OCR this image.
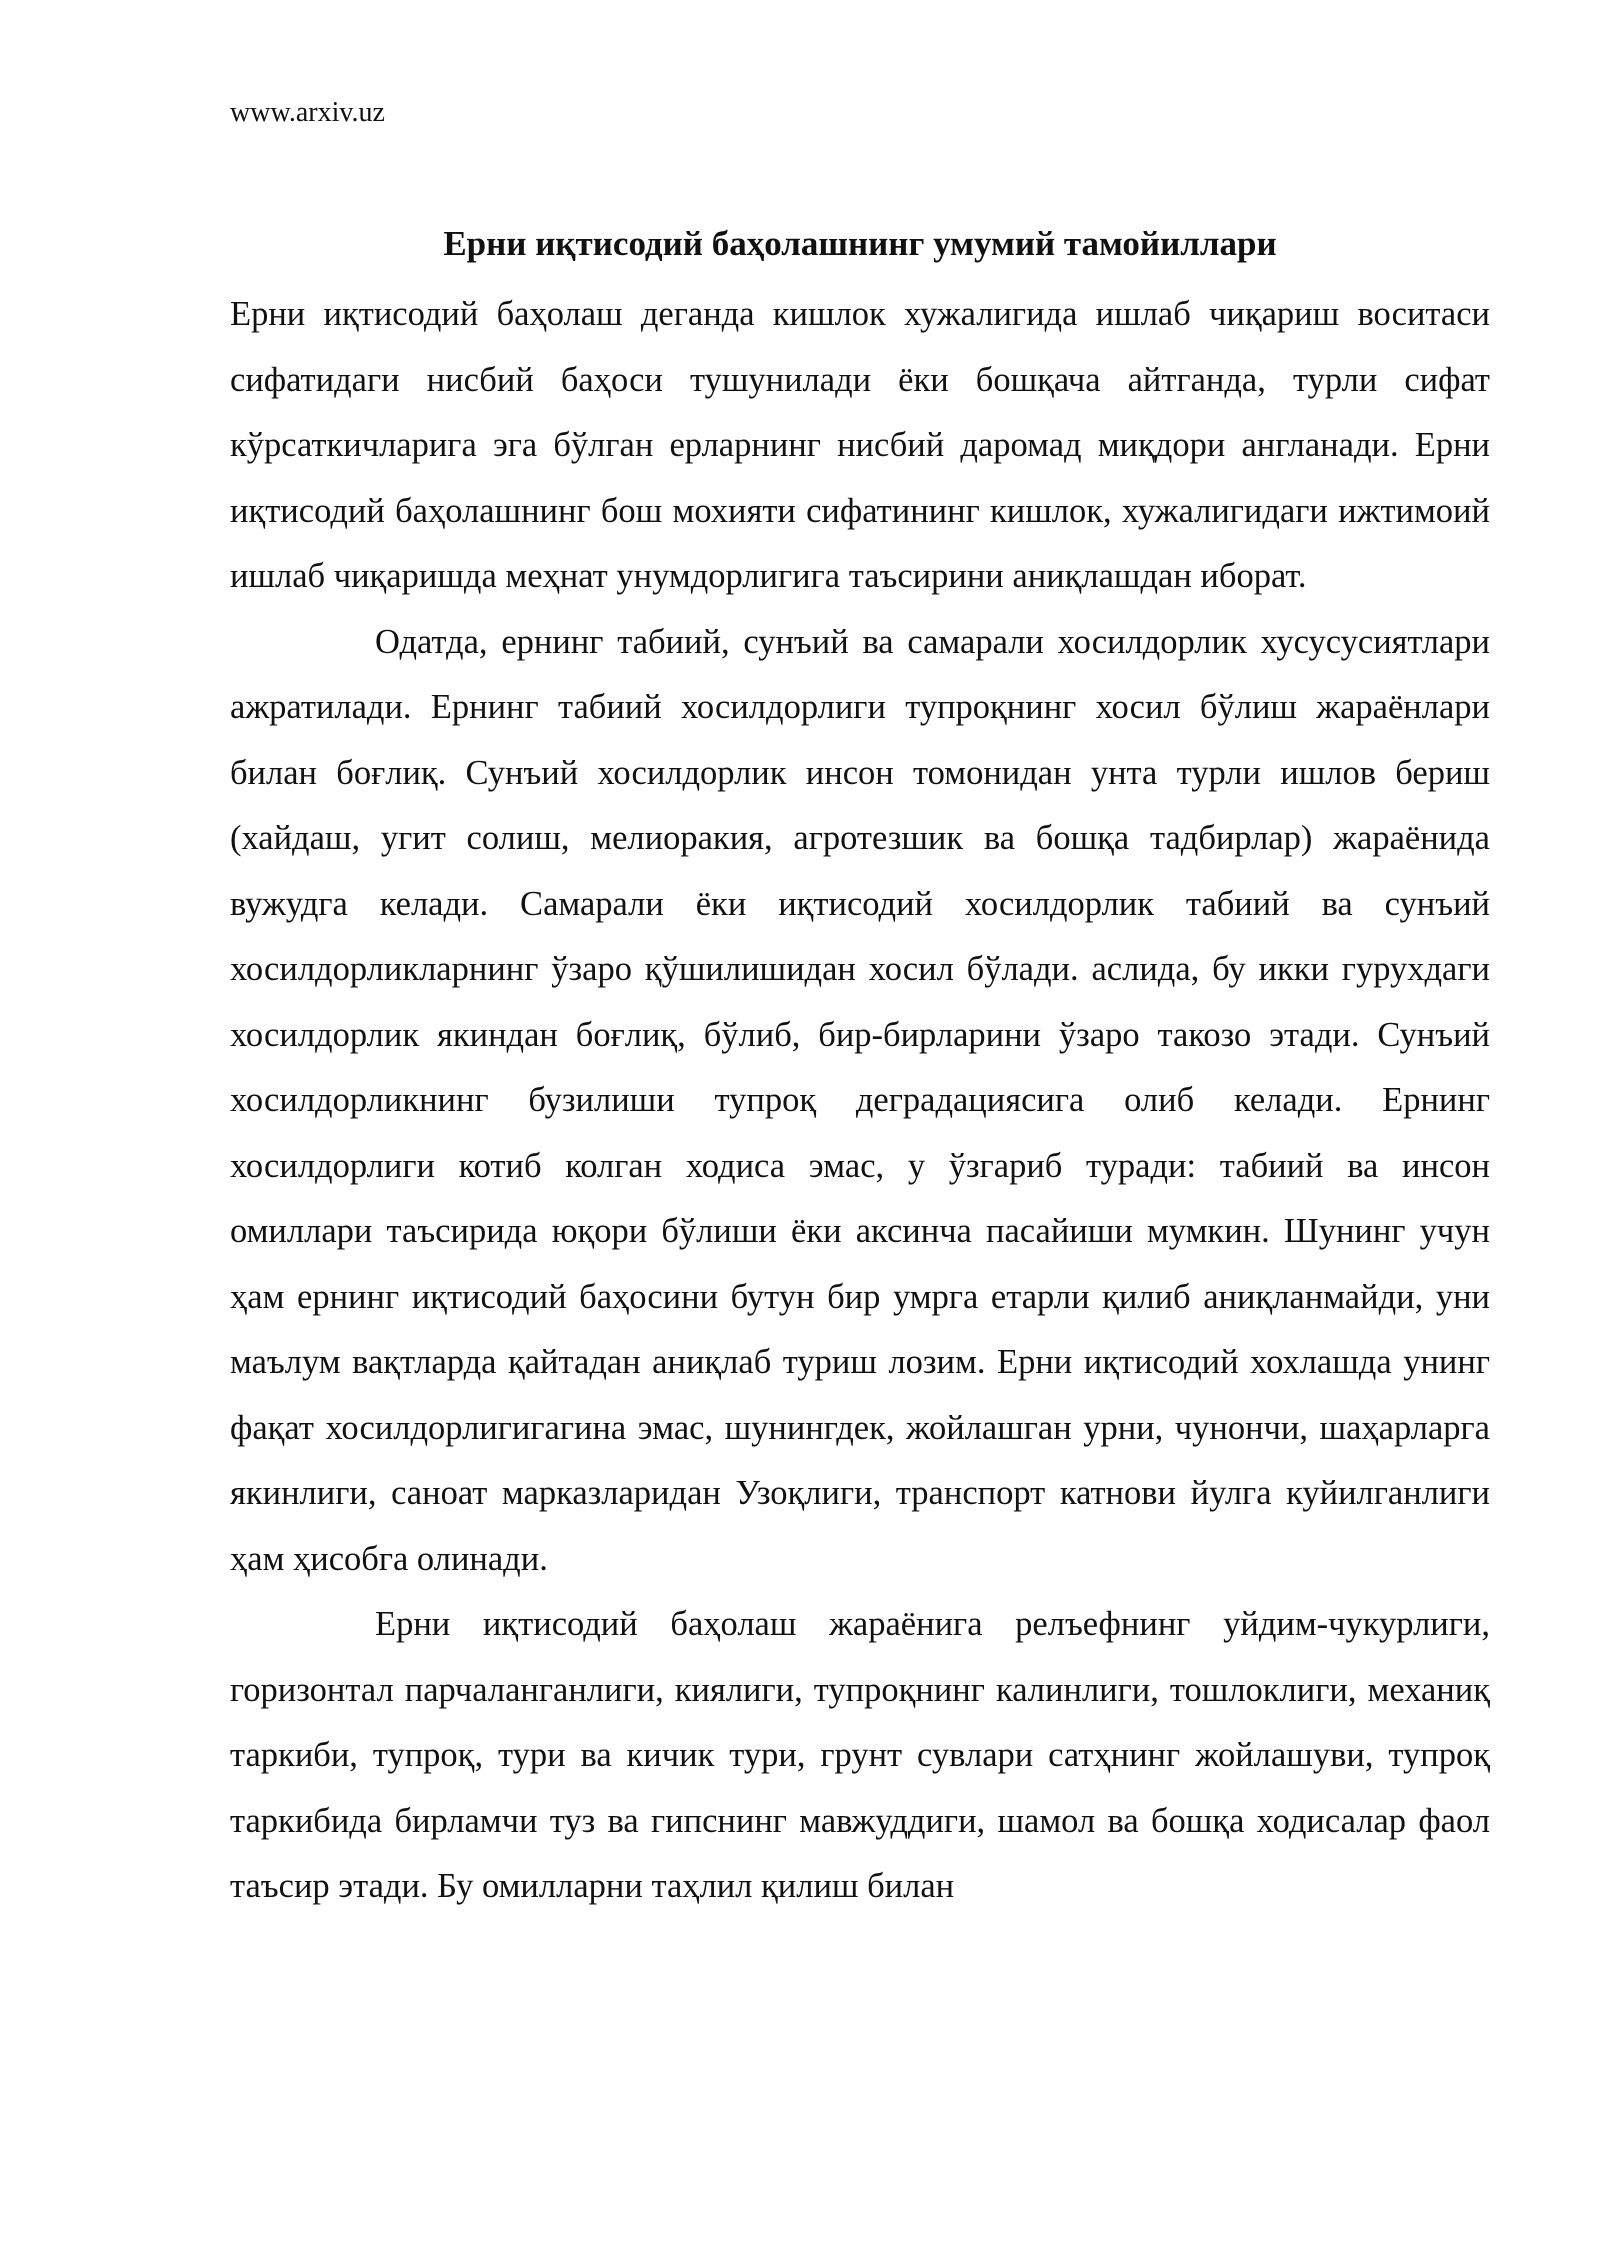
www.arxiv.uz
Ерни иқтисодий баҳолашнинг умумий тамойиллари

Ерни иқтисодий баҳолаш деганда кишлок хужалигида ишлаб чиқариш воситаси сифатидаги нисбий баҳоси тушунилади ёки бошқача айтганда, турли сифат кўрсаткичларига эга бўлган ерларнинг нисбий даромад миқдори англанади. Ерни иқтисодий баҳолашнинг бош мохияти сифатининг кишлок, хужалигидаги ижтимоий ишлаб чиқаришда меҳнат унумдорлигига таъсирини аниқлашдан иборат.

Одатда, ернинг табиий, сунъий ва самарали хосилдорлик хусусусиятлари ажратилади. Ернинг табиий хосилдорлиги тупроқнинг хосил бўлиш жараёнлари билан боғлиқ. Сунъий хосилдорлик инсон томонидан унта турли ишлов бериш (хайдаш, угит солиш, мелиоракия, агротезшик ва бошқа тадбирлар) жараёнида вужудга келади. Самарали ёки иқтисодий хосилдорлик табиий ва сунъий хосилдорликларнинг ўзаро қўшилишидан хосил бўлади. аслида, бу икки гурухдаги хосилдорлик якиндан боғлиқ, бўлиб, бир-бирларини ўзаро такозо этади. Сунъий хосилдорликнинг бузилиши тупроқ деградациясига олиб келади. Ернинг хосилдорлиги котиб колган ходиса эмас, у ўзгариб туради: табиий ва инсон омиллари таъсирида юқори бўлиши ёки аксинча пасайиши мумкин. Шунинг учун ҳам ернинг иқтисодий баҳосини бутун бир умрга етарли қилиб аниқланмайди, уни маълум вақтларда қайтадан аниқлаб туриш лозим. Ерни иқтисодий хохлашда унинг фақат хосилдорлигигагина эмас, шунингдек, жойлашган урни, чунончи, шаҳарларга якинлиги, саноат марказларидан Узоқлиги, транспорт катнови йулга куйилганлиги ҳам ҳисобга олинади.

Ерни иқтисодий баҳолаш жараёнига релъефнинг уйдим-чукурлиги, горизонтал парчаланганлиги, киялиги, тупроқнинг калинлиги, тошлоклиги, механиқ таркиби, тупроқ, тури ва кичик тури, грунт сувлари сатҳнинг жойлашуви, тупроқ таркибида бирламчи туз ва гипснинг мавжуддиги, шамол ва бошқа ходисалар фаол таъсир этади. Бу омилларни таҳлил қилиш билан
